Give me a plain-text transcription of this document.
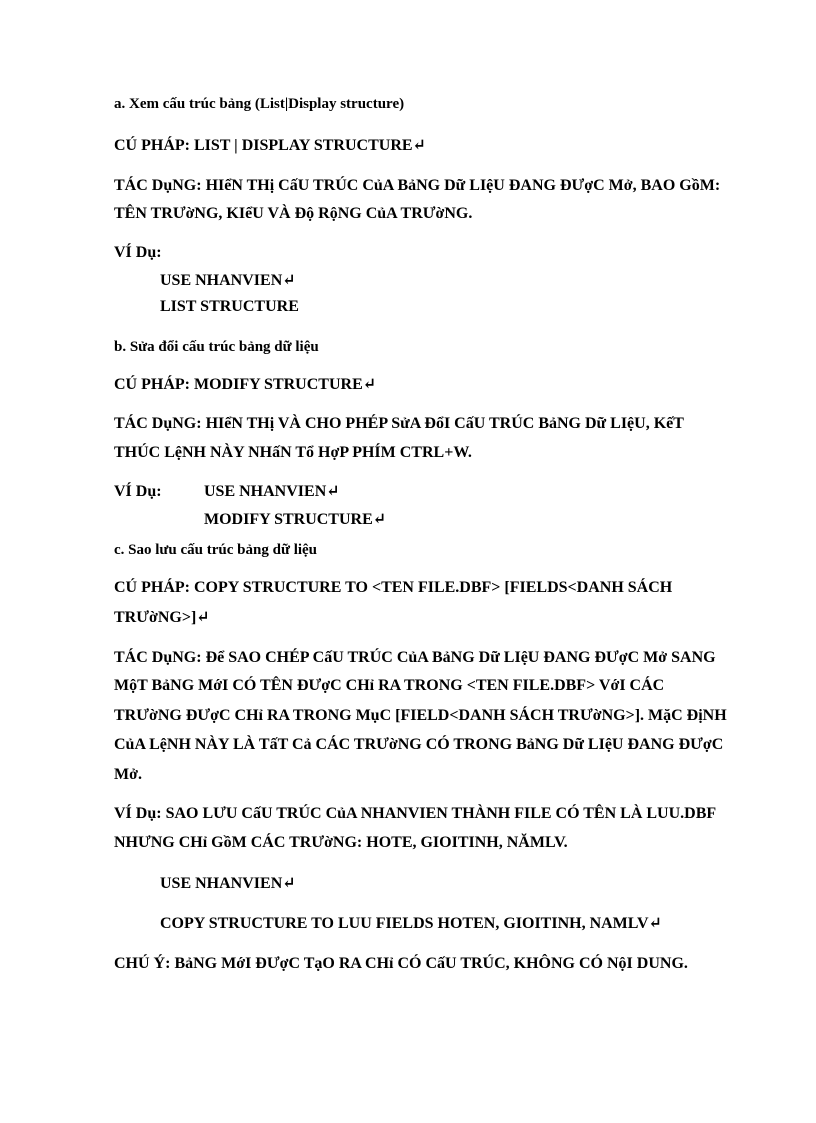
a. Xem cấu trúc bảng (List|Display structure)
CÚ PHÁP: LIST | DISPLAY STRUCTURE↵
TÁC DụNG: HIểN THị CấU TRÚC CủA BảNG Dữ LIệU ĐANG ĐƯợC Mở, BAO GồM:
TÊN TRƯờNG, KIểU VÀ Độ RộNG CủA TRƯờNG.
VÍ Dụ:
USE NHANVIEN↵
LIST STRUCTURE
b. Sửa đổi cấu trúc bảng dữ liệu
CÚ PHÁP: MODIFY STRUCTURE↵
TÁC DụNG: HIểN THị VÀ CHO PHÉP SửA ĐổI CấU TRÚC BảNG Dữ LIệU, KếT
THÚC LệNH NÀY NHấN Tổ HợP PHÍM CTRL+W.
VÍ Dụ:	USE NHANVIEN↵
MODIFY STRUCTURE↵
c. Sao lưu cấu trúc bảng dữ liệu
CÚ PHÁP: COPY STRUCTURE TO <TEN FILE.DBF> [FIELDS<DANH SÁCH
TRƯờNG>]↵
TÁC DụNG: Để SAO CHÉP CấU TRÚC CủA BảNG Dữ LIệU ĐANG ĐƯợC Mở SANG
MộT BảNG MớI CÓ TÊN ĐƯợC CHỉ RA TRONG <TEN FILE.DBF> VớI CÁC
TRƯờNG ĐƯợC CHỉ RA TRONG MụC [FIELD<DANH SÁCH TRƯờNG>]. MặC ĐịNH
CủA LệNH NÀY LÀ TấT Cả CÁC TRƯờNG CÓ TRONG BảNG Dữ LIệU ĐANG ĐƯợC
Mở.
VÍ Dụ: SAO LƯU CấU TRÚC CủA NHANVIEN THÀNH FILE CÓ TÊN LÀ LUU.DBF
NHƯNG CHỉ GồM CÁC TRƯờNG: HOTE, GIOITINH, NĂMLV.
USE NHANVIEN↵
COPY STRUCTURE TO LUU FIELDS HOTEN, GIOITINH, NAMLV↵
CHÚ Ý: BảNG MớI ĐƯợC TạO RA CHỉ CÓ CấU TRÚC, KHÔNG CÓ NộI DUNG.
